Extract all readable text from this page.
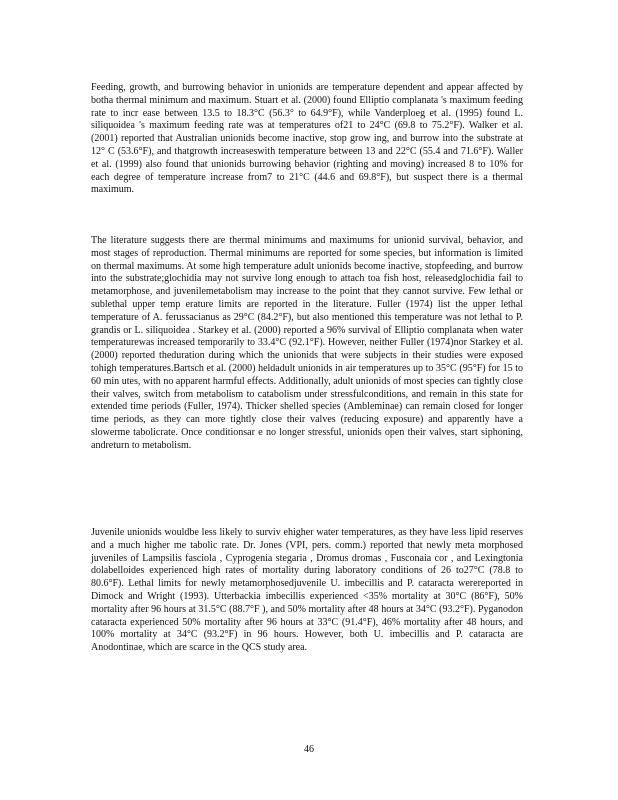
Feeding, growth, and burrowing behavior in unionids are temperature dependent and appear affected by botha thermal minimum and maximum. Stuart et al. (2000) found Elliptio complanata 's maximum feeding rate to incr ease between 13.5 to 18.3°C (56.3° to 64.9°F), while Vanderploeg et al. (1995) found L. siliquoidea 's maximum feeding rate was at temperatures of21 to 24°C (69.8 to 75.2°F). Walker et al. (2001) reported that Australian unionids become inactive, stop grow ing, and burrow into the substrate at 12° C (53.6°F), and thatgrowth increaseswith temperature between 13 and 22°C (55.4 and 71.6°F). Waller et al. (1999) also found that unionids burrowing behavior (righting and moving) increased 8 to 10% for each degree of temperature increase from7 to 21°C (44.6 and 69.8°F), but suspect there is a thermal maximum.

The literature suggests there are thermal minimums and maximums for unionid survival, behavior, and most stages of reproduction. Thermal minimums are reported for some species, but information is limited on thermal maximums. At some high temperature adult unionids become inactive, stopfeeding, and burrow into the substrate;glochidia may not survive long enough to attach toa fish host, releasedglochidia fail to metamorphose, and juvenilemetabolism may increase to the point that they cannot survive. Few lethal or sublethal upper temp erature limits are reported in the literature. Fuller (1974) list the upper lethal temperature of A. ferussacianus as 29°C (84.2°F), but also mentioned this temperature was not lethal to P. grandis or L. siliquoidea . Starkey et al. (2000) reported a 96% survival of Elliptio complanata when water temperaturewas increased temporarily to 33.4°C (92.1°F). However, neither Fuller (1974)nor Starkey et al. (2000) reported theduration during which the unionids that were subjects in their studies were exposed tohigh temperatures.Bartsch et al. (2000) heldadult unionids in air temperatures up to 35°C (95°F) for 15 to 60 min utes, with no apparent harmful effects. Additionally, adult unionids of most species can tightly close their valves, switch from metabolism to catabolism under stressfulconditions, and remain in this state for extended time periods (Fuller, 1974). Thicker shelled species (Ambleminae) can remain closed for longer time periods, as they can more tightly close their valves (reducing exposure) and apparently have a slowerme tabolicrate. Once conditionsar e no longer stressful, unionids open their valves, start siphoning, andreturn to metabolism.

Juvenile unionids wouldbe less likely to surviv ehigher water temperatures, as they have less lipid reserves and a much higher me tabolic rate. Dr. Jones (VPI, pers. comm.) reported that newly meta morphosed juveniles of Lampsilis fasciola , Cyprogenia stegaria , Dromus dromas , Fusconaia cor , and Lexingtonia dolabelloides experienced high rates of mortality during laboratory conditions of 26 to27°C (78.8 to 80.6°F). Lethal limits for newly metamorphosedjuvenile U. imbecillis and P. cataracta werereported in Dimock and Wright (1993). Utterbackia imbecillis experienced <35% mortality at 30°C (86°F), 50% mortality after 96 hours at 31.5°C (88.7°F ), and 50% mortality after 48 hours at 34°C (93.2°F). Pyganodon cataracta experienced 50% mortality after 96 hours at 33°C (91.4°F), 46% mortality after 48 hours, and 100% mortality at 34°C (93.2°F) in 96 hours. However, both U. imbecillis and P. cataracta are Anodontinae, which are scarce in the QCS study area.

46
